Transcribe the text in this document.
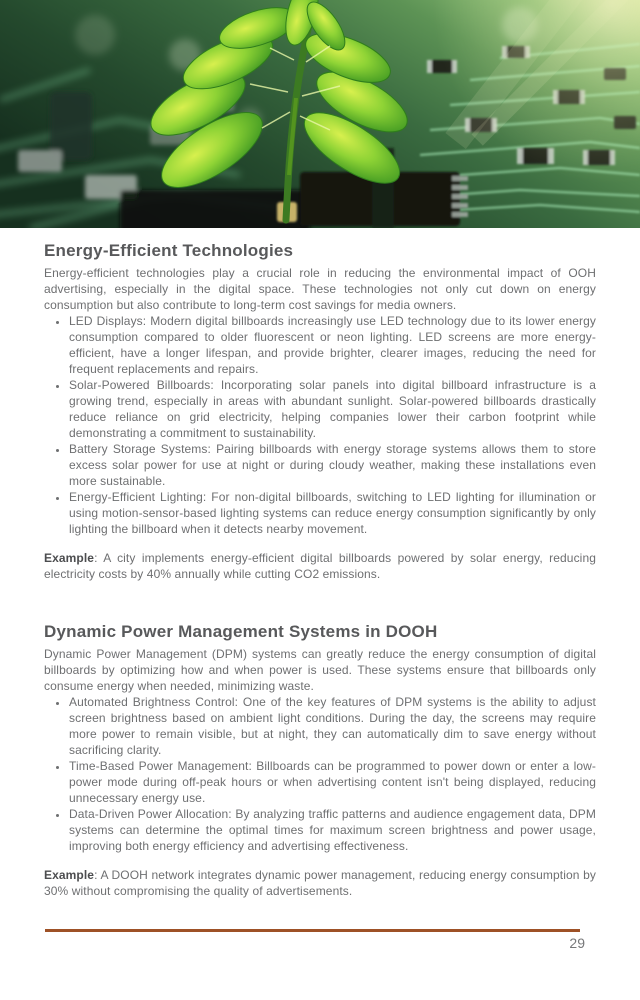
Energy-Efficient Technologies

Energy-efficient technologies play a crucial role in reducing the environmental impact of OOH advertising, especially in the digital space. These technologies not only cut down on energy consumption but also contribute to long-term cost savings for media owners.

• LED Displays: Modern digital billboards increasingly use LED technology due to its lower energy consumption compared to older fluorescent or neon lighting. LED screens are more energy-efficient, have a longer lifespan, and provide brighter, clearer images, reducing the need for frequent replacements and repairs.
• Solar-Powered Billboards: Incorporating solar panels into digital billboard infrastructure is a growing trend, especially in areas with abundant sunlight. Solar-powered billboards drastically reduce reliance on grid electricity, helping companies lower their carbon footprint while demonstrating a commitment to sustainability.
• Battery Storage Systems: Pairing billboards with energy storage systems allows them to store excess solar power for use at night or during cloudy weather, making these installations even more sustainable.
• Energy-Efficient Lighting: For non-digital billboards, switching to LED lighting for illumination or using motion-sensor-based lighting systems can reduce energy consumption significantly by only lighting the billboard when it detects nearby movement.

Example: A city implements energy-efficient digital billboards powered by solar energy, reducing electricity costs by 40% annually while cutting CO2 emissions.

Dynamic Power Management Systems in DOOH

Dynamic Power Management (DPM) systems can greatly reduce the energy consumption of digital billboards by optimizing how and when power is used. These systems ensure that billboards only consume energy when needed, minimizing waste.

• Automated Brightness Control: One of the key features of DPM systems is the ability to adjust screen brightness based on ambient light conditions. During the day, the screens may require more power to remain visible, but at night, they can automatically dim to save energy without sacrificing clarity.
• Time-Based Power Management: Billboards can be programmed to power down or enter a low-power mode during off-peak hours or when advertising content isn't being displayed, reducing unnecessary energy use.
• Data-Driven Power Allocation: By analyzing traffic patterns and audience engagement data, DPM systems can determine the optimal times for maximum screen brightness and power usage, improving both energy efficiency and advertising effectiveness.

Example: A DOOH network integrates dynamic power management, reducing energy consumption by 30% without compromising the quality of advertisements.

29
